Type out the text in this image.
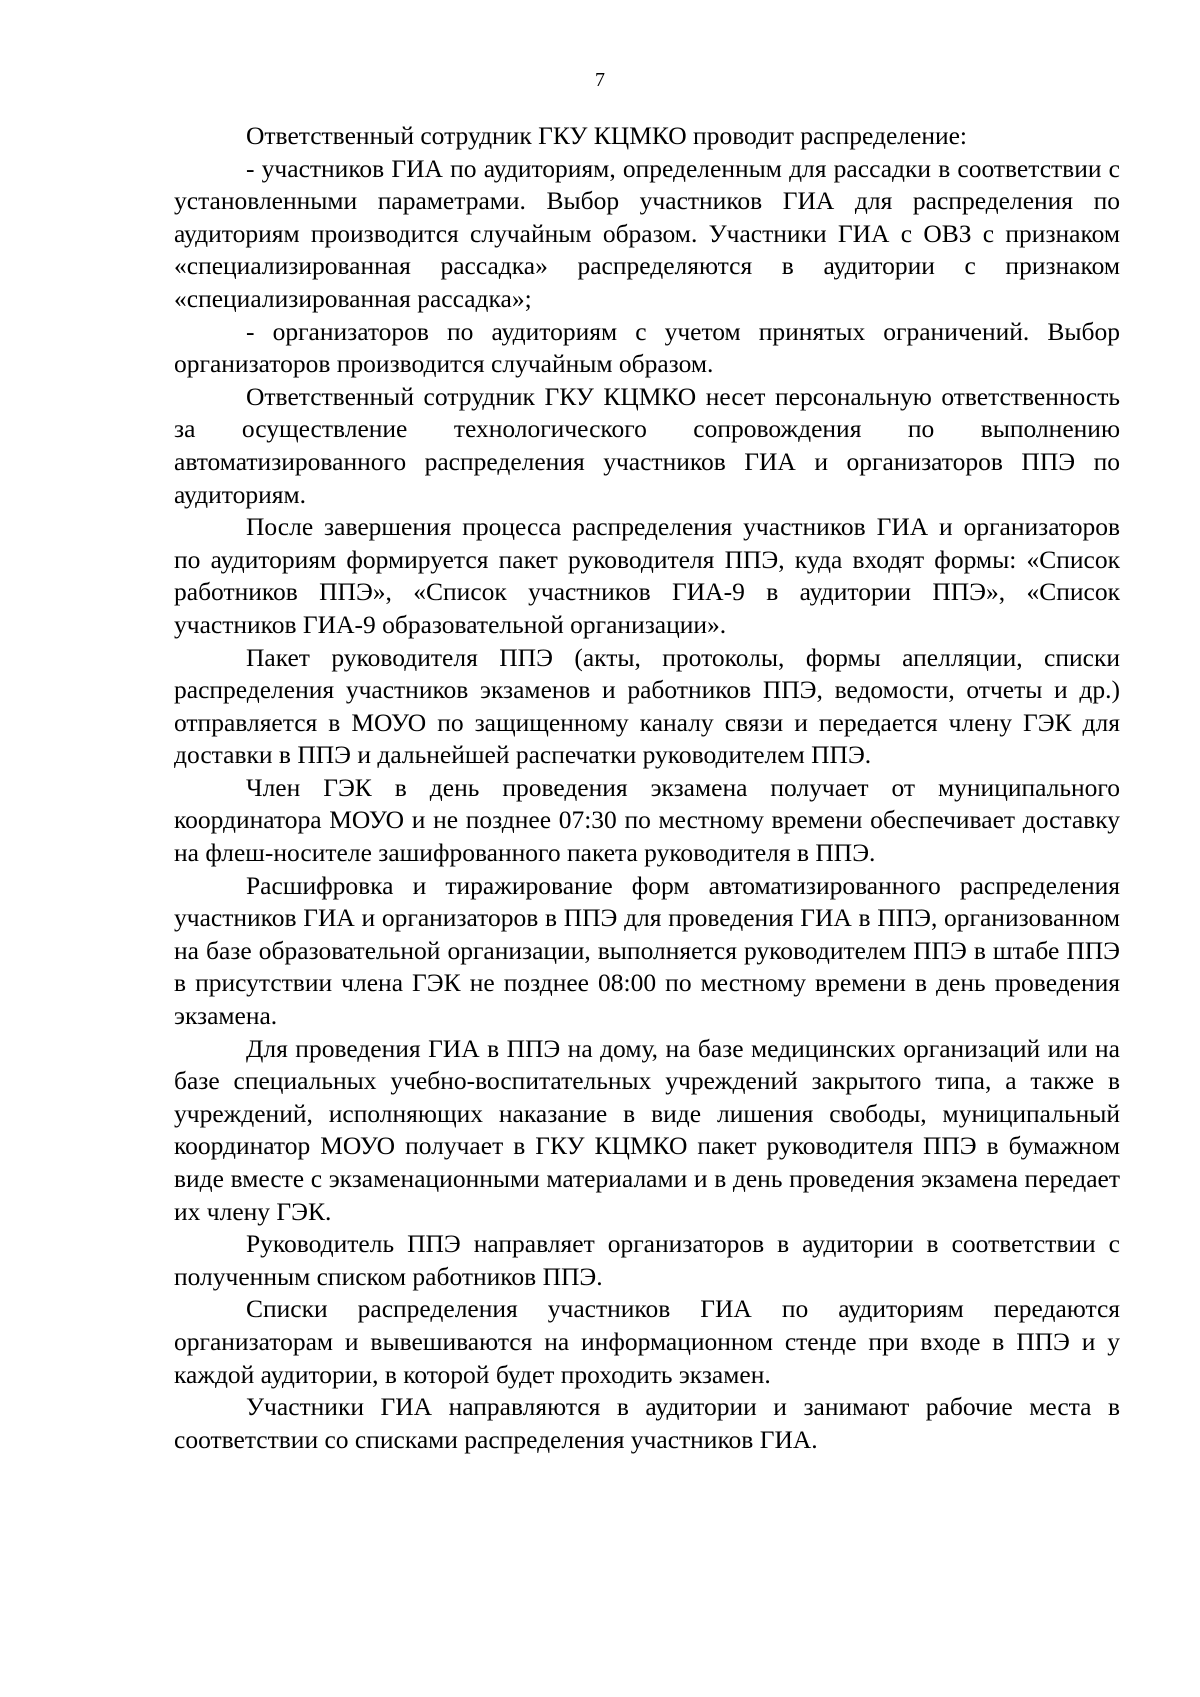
7

Ответственный сотрудник ГКУ КЦМКО проводит распределение:

- участников ГИА по аудиториям, определенным для рассадки в соответствии с установленными параметрами. Выбор участников ГИА для распределения по аудиториям производится случайным образом. Участники ГИА с ОВЗ с признаком «специализированная рассадка» распределяются в аудитории с признаком «специализированная рассадка»;

- организаторов по аудиториям с учетом принятых ограничений. Выбор организаторов производится случайным образом.

Ответственный сотрудник ГКУ КЦМКО несет персональную ответственность за осуществление технологического сопровождения по выполнению автоматизированного распределения участников ГИА и организаторов ППЭ по аудиториям.

После завершения процесса распределения участников ГИА и организаторов по аудиториям формируется пакет руководителя ППЭ, куда входят формы: «Список работников ППЭ», «Список участников ГИА-9 в аудитории ППЭ», «Список участников ГИА-9 образовательной организации».

Пакет руководителя ППЭ (акты, протоколы, формы апелляции, списки распределения участников экзаменов и работников ППЭ, ведомости, отчеты и др.) отправляется в МОУО по защищенному каналу связи и передается члену ГЭК для доставки в ППЭ и дальнейшей распечатки руководителем ППЭ.

Член ГЭК в день проведения экзамена получает от муниципального координатора МОУО и не позднее 07:30 по местному времени обеспечивает доставку на флеш-носителе зашифрованного пакета руководителя в ППЭ.

Расшифровка и тиражирование форм автоматизированного распределения участников ГИА и организаторов в ППЭ для проведения ГИА в ППЭ, организованном на базе образовательной организации, выполняется руководителем ППЭ в штабе ППЭ в присутствии члена ГЭК не позднее 08:00 по местному времени в день проведения экзамена.

Для проведения ГИА в ППЭ на дому, на базе медицинских организаций или на базе специальных учебно-воспитательных учреждений закрытого типа, а также в учреждений, исполняющих наказание в виде лишения свободы, муниципальный координатор МОУО получает в ГКУ КЦМКО пакет руководителя ППЭ в бумажном виде вместе с экзаменационными материалами и в день проведения экзамена передает их члену ГЭК.

Руководитель ППЭ направляет организаторов в аудитории в соответствии с полученным списком работников ППЭ.

Списки распределения участников ГИА по аудиториям передаются организаторам и вывешиваются на информационном стенде при входе в ППЭ и у каждой аудитории, в которой будет проходить экзамен.

Участники ГИА направляются в аудитории и занимают рабочие места в соответствии со списками распределения участников ГИА.
